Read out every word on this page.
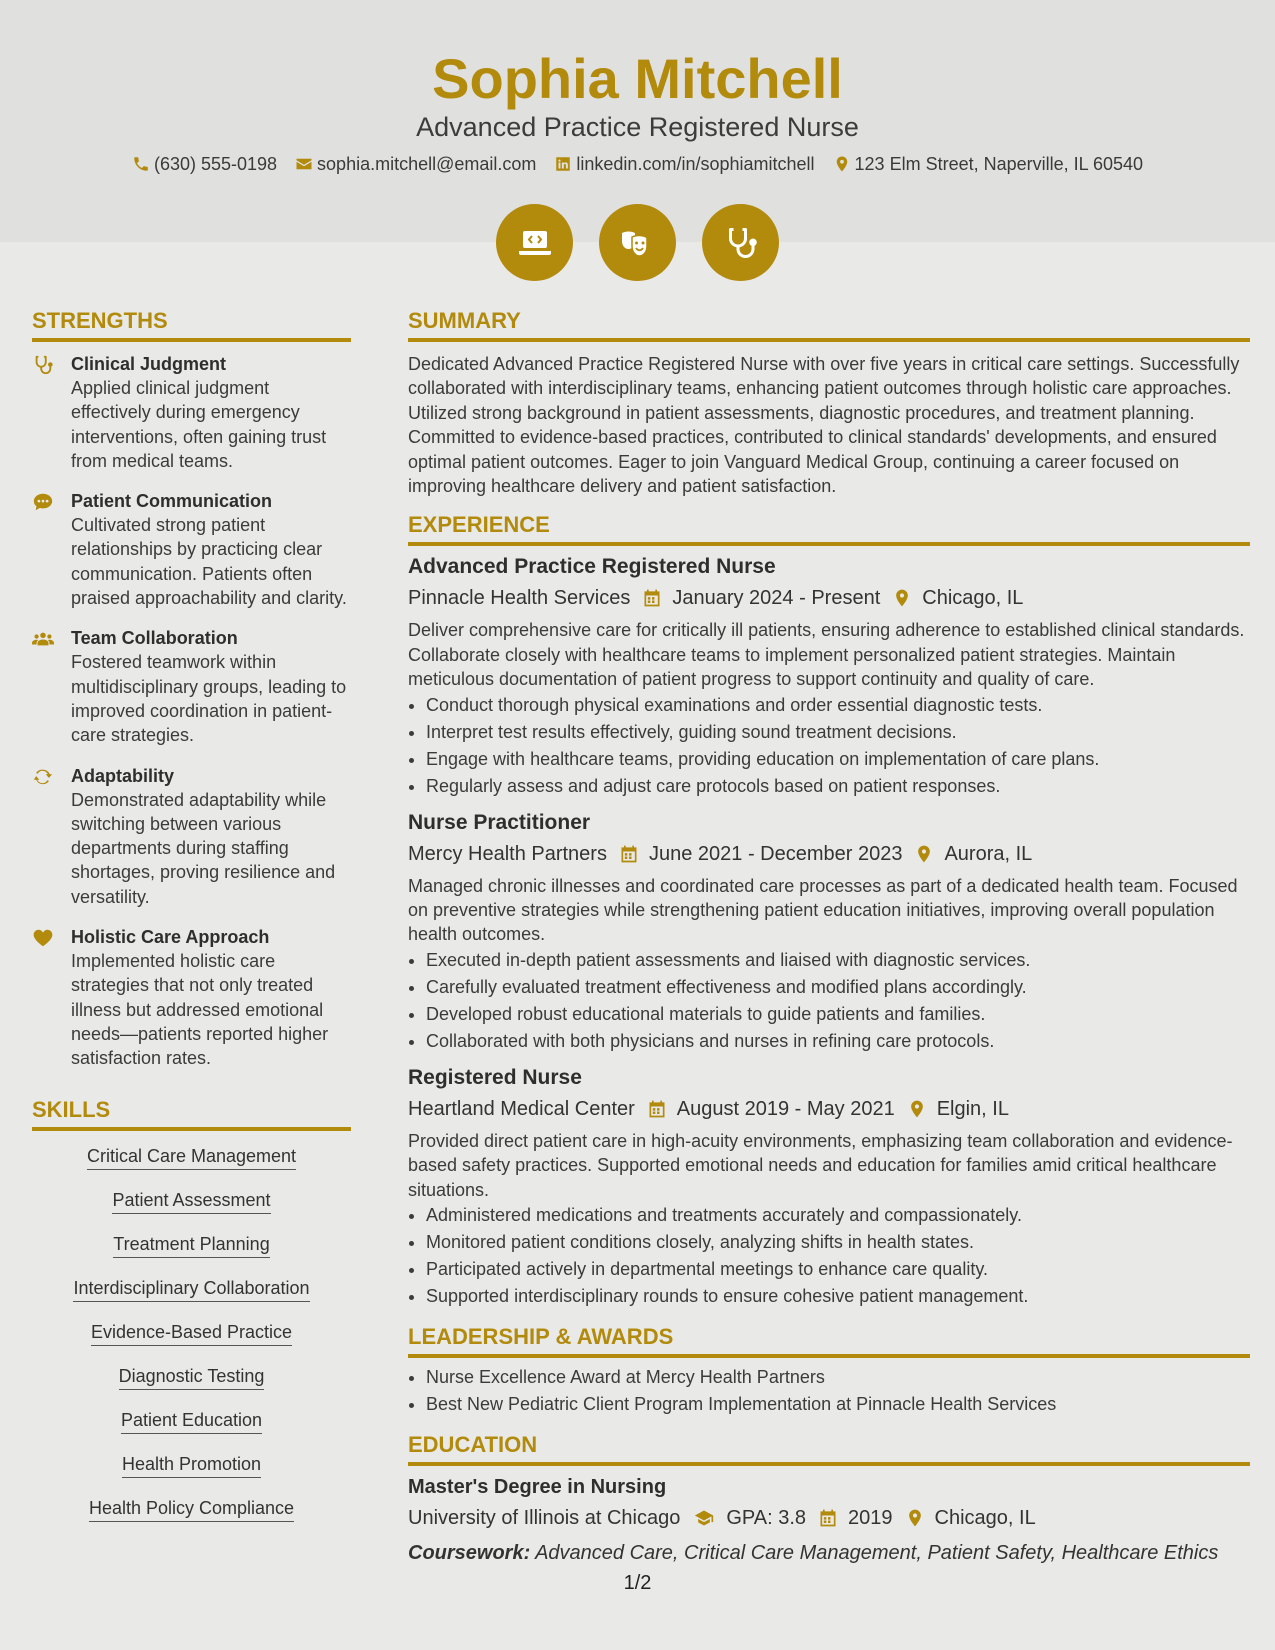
Sophia Mitchell
Advanced Practice Registered Nurse
(630) 555-0198 sophia.mitchell@email.com linkedin.com/in/sophiamitchell 123 Elm Street, Naperville, IL 60540
STRENGTHS
Clinical Judgment
Applied clinical judgment effectively during emergency interventions, often gaining trust from medical teams.
Patient Communication
Cultivated strong patient relationships by practicing clear communication. Patients often praised approachability and clarity.
Team Collaboration
Fostered teamwork within multidisciplinary groups, leading to improved coordination in patient-care strategies.
Adaptability
Demonstrated adaptability while switching between various departments during staffing shortages, proving resilience and versatility.
Holistic Care Approach
Implemented holistic care strategies that not only treated illness but addressed emotional needs—patients reported higher satisfaction rates.
SKILLS
Critical Care Management
Patient Assessment
Treatment Planning
Interdisciplinary Collaboration
Evidence-Based Practice
Diagnostic Testing
Patient Education
Health Promotion
Health Policy Compliance
SUMMARY
Dedicated Advanced Practice Registered Nurse with over five years in critical care settings. Successfully collaborated with interdisciplinary teams, enhancing patient outcomes through holistic care approaches. Utilized strong background in patient assessments, diagnostic procedures, and treatment planning. Committed to evidence-based practices, contributed to clinical standards' developments, and ensured optimal patient outcomes. Eager to join Vanguard Medical Group, continuing a career focused on improving healthcare delivery and patient satisfaction.
EXPERIENCE
Advanced Practice Registered Nurse
Pinnacle Health Services January 2024 - Present Chicago, IL
Deliver comprehensive care for critically ill patients, ensuring adherence to established clinical standards. Collaborate closely with healthcare teams to implement personalized patient strategies. Maintain meticulous documentation of patient progress to support continuity and quality of care.
• Conduct thorough physical examinations and order essential diagnostic tests.
• Interpret test results effectively, guiding sound treatment decisions.
• Engage with healthcare teams, providing education on implementation of care plans.
• Regularly assess and adjust care protocols based on patient responses.
Nurse Practitioner
Mercy Health Partners June 2021 - December 2023 Aurora, IL
Managed chronic illnesses and coordinated care processes as part of a dedicated health team. Focused on preventive strategies while strengthening patient education initiatives, improving overall population health outcomes.
• Executed in-depth patient assessments and liaised with diagnostic services.
• Carefully evaluated treatment effectiveness and modified plans accordingly.
• Developed robust educational materials to guide patients and families.
• Collaborated with both physicians and nurses in refining care protocols.
Registered Nurse
Heartland Medical Center August 2019 - May 2021 Elgin, IL
Provided direct patient care in high-acuity environments, emphasizing team collaboration and evidence-based safety practices. Supported emotional needs and education for families amid critical healthcare situations.
• Administered medications and treatments accurately and compassionately.
• Monitored patient conditions closely, analyzing shifts in health states.
• Participated actively in departmental meetings to enhance care quality.
• Supported interdisciplinary rounds to ensure cohesive patient management.
LEADERSHIP & AWARDS
• Nurse Excellence Award at Mercy Health Partners
• Best New Pediatric Client Program Implementation at Pinnacle Health Services
EDUCATION
Master's Degree in Nursing
University of Illinois at Chicago GPA: 3.8 2019 Chicago, IL
Coursework: Advanced Care, Critical Care Management, Patient Safety, Healthcare Ethics
1/2
